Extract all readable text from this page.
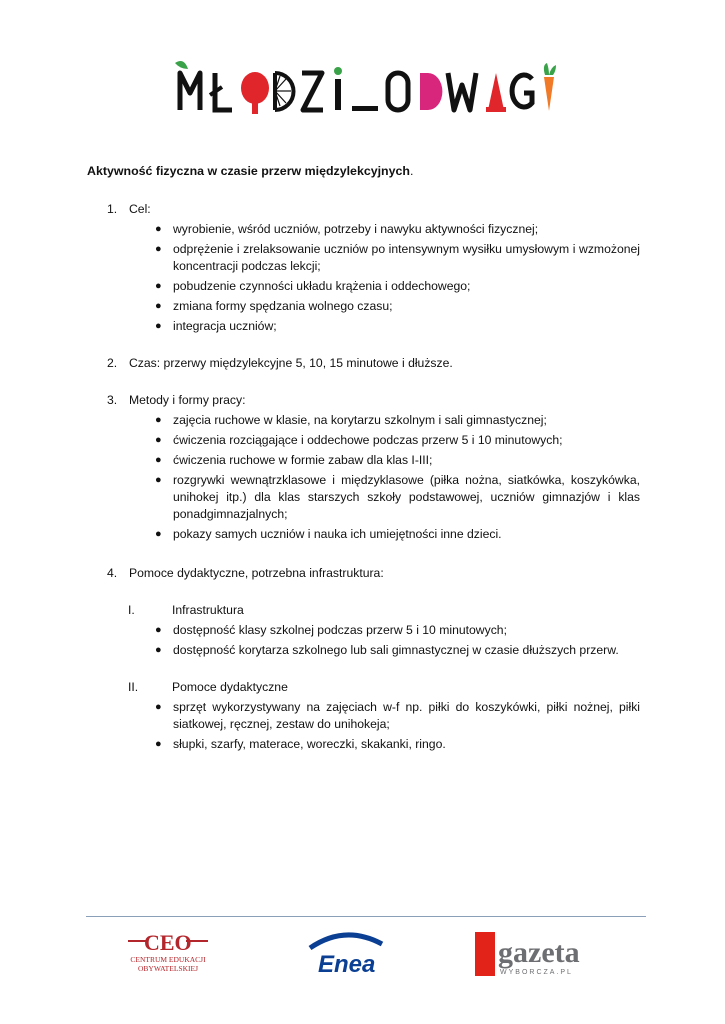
Aktywność fizyczna w czasie przerw międzylekcyjnych.
1. Cel:
● wyrobienie, wśród uczniów, potrzeby i nawyku aktywności fizycznej;
● odprężenie i zrelaksowanie uczniów po intensywnym wysiłku umysłowym i wzmożonej koncentracji podczas lekcji;
● pobudzenie czynności układu krążenia i oddechowego;
● zmiana formy spędzania wolnego czasu;
● integracja uczniów;
2. Czas: przerwy międzylekcyjne 5, 10, 15 minutowe i dłuższe.
3. Metody i formy pracy:
● zajęcia ruchowe w klasie, na korytarzu szkolnym i sali gimnastycznej;
● ćwiczenia rozciągające i oddechowe podczas przerw 5 i 10 minutowych;
● ćwiczenia ruchowe w formie zabaw dla klas I-III;
● rozgrywki wewnątrzklasowe i międzyklasowe (piłka nożna, siatkówka, koszykówka, unihokej itp.) dla klas starszych szkoły podstawowej, uczniów gimnazjów i klas ponadgimnazjalnych;
● pokazy samych uczniów i nauka ich umiejętności inne dzieci.
4. Pomoce dydaktyczne, potrzebna infrastruktura:
I.	Infrastruktura
● dostępność klasy szkolnej podczas przerw 5 i 10 minutowych;
● dostępność korytarza szkolnego lub sali gimnastycznej w czasie dłuższych przerw.
II.	Pomoce dydaktyczne
● sprzęt wykorzystywany na zajęciach w-f np. piłki do koszykówki, piłki nożnej, piłki siatkowej, ręcznej, zestaw do unihokeja;
● słupki, szarfy, materace, woreczki, skakanki, ringo.
CEO
CENTRUM EDUKACJI
OBYWATELSKIEJ	Enea	gazeta
WYBORCZA.PL
